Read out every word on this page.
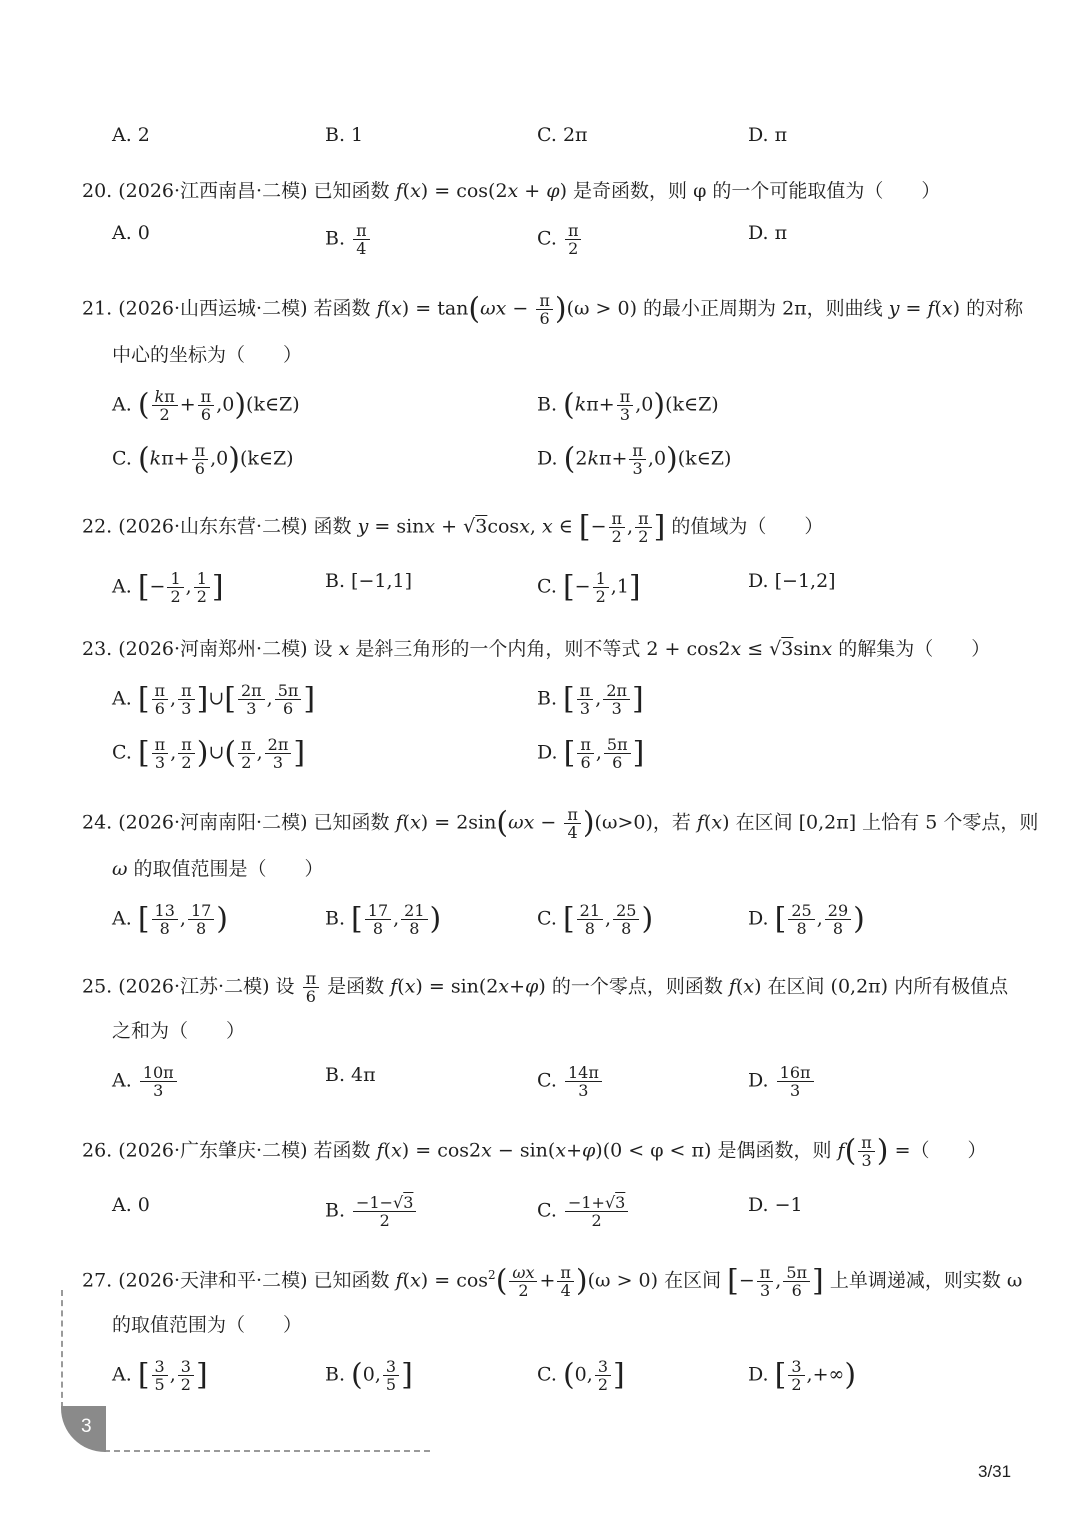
A. 2	B. 1	C. 2π	D. π
20. (2026·江西南昌·二模) 已知函数 f(x) = cos(2x + φ) 是奇函数，则 φ 的一个可能取值为（　　）
A. 0	B. $\frac{\pi}{4}$	C. $\frac{\pi}{2}$	D. π
21. (2026·山西运城·二模) 若函数 $f(x) = \tan(\omega x - \frac{\pi}{6} )(\omega > 0)$ 的最小正周期为 2π，则曲线 y = f(x) 的对称
中心的坐标为（　　）
A. ( $\frac{k\pi}{2} + \frac{\pi}{6}$ ,0)(k∈Z)	B. ($k\pi+ \frac{\pi}{3}$ ,0)(k∈Z)
C. ($k\pi+ \frac{\pi}{6}$ ,0)(k∈Z)	D. ($2k\pi+ \frac{\pi}{3}$ ,0)(k∈Z)
22. (2026·山东东营·二模) 函数 y = sinx + √3cosx, x ∈ [− $\frac{\pi}{2}$ , $\frac{\pi}{2}$ ] 的值域为（　　）
A. [− $\frac{1}{2}$ , $\frac{1}{2}$ ]	B. [−1,1]	C. [− $\frac{1}{2} ,1$]	D. [−1,2]
23. (2026·河南郑州·二模) 设 x 是斜三角形的一个内角，则不等式 2 + cos2x ≤ √3sinx 的解集为（　　）
A. [ $\frac{\pi}{6}$ , $\frac{\pi}{3}$ ]∪[ $\frac{2\pi}{3}$ , $\frac{5\pi}{6}$ ]	B. [ $\frac{\pi}{3}$ , $\frac{2\pi}{3}$ ]
C. [ $\frac{\pi}{3}$ , $\frac{\pi}{2}$ )∪( $\frac{\pi}{2}$ , $\frac{2\pi}{3}$ ]	D. [ $\frac{\pi}{6}$ , $\frac{5\pi}{6}$ ]
24. (2026·河南南阳·二模) 已知函数 $f(x) = 2\sin(\omega x - \frac{\pi}{4} )(\omega>0)$，若 f(x) 在区间 [0,2π] 上恰有 5 个零点，则
ω 的取值范围是（　　）
A. [ $\frac{13}{8}$ , $\frac{17}{8}$ )	B. [ $\frac{17}{8}$ , $\frac{21}{8}$ )	C. [ $\frac{21}{8}$ , $\frac{25}{8}$ )	D. [ $\frac{25}{8}$ , $\frac{29}{8}$ )
25. (2026·江苏·二模) 设 $\frac{\pi}{6}$ 是函数 f(x) = sin(2x+φ) 的一个零点，则函数 f(x) 在区间 (0,2π) 内所有极值点
之和为（　　）
A. $\frac{10\pi}{3}$	B. 4π	C. $\frac{14\pi}{3}$	D. $\frac{16\pi}{3}$
26. (2026·广东肇庆·二模) 若函数 f(x) = cos2x − sin(x+φ)(0 < φ < π) 是偶函数，则 $f( \frac{\pi}{3}$ ) =（　　）
A. 0	B. $\frac{-1-√3}{2}$	C. $\frac{-1+√3}{2}$	D. −1
27. (2026·天津和平·二模) 已知函数 $f(x) = \cos^2( \frac{\omega x}{2} + \frac{\pi}{4} )(\omega > 0)$ 在区间 [− $\frac{\pi}{3}$ , $\frac{5\pi}{6}$ ] 上单调递减，则实数 ω
的取值范围为（　　）
A. [ $\frac{3}{5}$ , $\frac{3}{2}$ ]	B. (0, $\frac{3}{5}$ ]	C. (0, $\frac{3}{2}$ ]	D. [ $\frac{3}{2}$ ,+∞)
3
3/31
